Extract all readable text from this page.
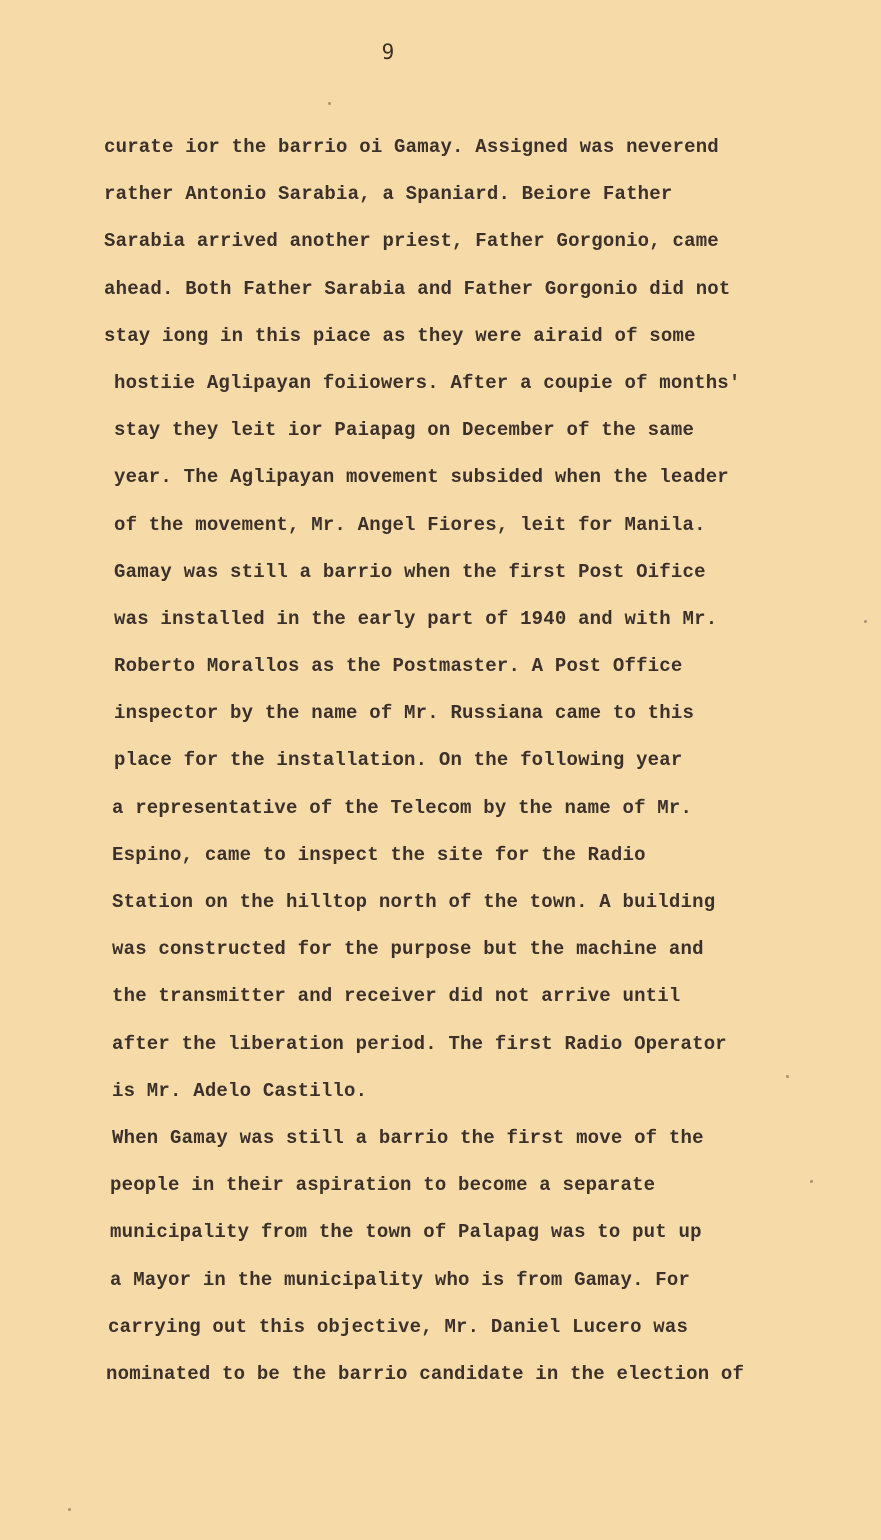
9
curate ior the barrio oi Gamay. Assigned was neverend
rather Antonio Sarabia, a Spaniard. Beiore Father
Sarabia arrived another priest, Father Gorgonio, came
ahead. Both Father Sarabia and Father Gorgonio did not
stay iong in this piace as they were airaid of some
hostiie Aglipayan foiiowers. After a coupie of months'
stay they leit ior Paiapag on December of the same
year. The Aglipayan movement subsided when the leader
of the movement, Mr. Angel Fiores, leit for Manila.
Gamay was still a barrio when the first Post Oifice
was installed in the early part of 1940 and with Mr.
Roberto Morallos as the Postmaster. A Post Office
inspector by the name of Mr. Russiana came to this
place for the installation. On the following year
a representative of the Telecom by the name of Mr.
Espino, came to inspect the site for the Radio
Station on the hilltop north of the town. A building
was constructed for the purpose but the machine and
the transmitter and receiver did not arrive until
after the liberation period. The first Radio Operator
is Mr. Adelo Castillo.
When Gamay was still a barrio the first move of the
people in their aspiration to become a separate
municipality from the town of Palapag was to put up
a Mayor in the municipality who is from Gamay. For
carrying out this objective, Mr. Daniel Lucero was
nominated to be the barrio candidate in the election of
